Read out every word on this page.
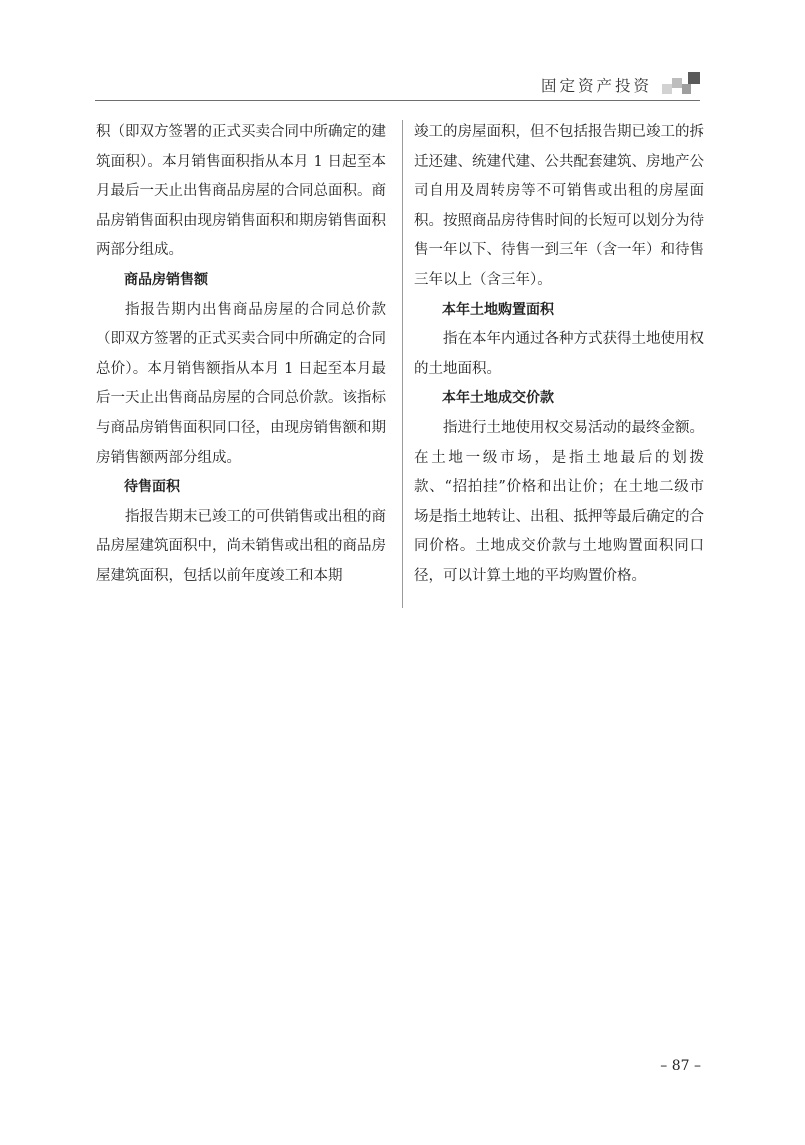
固定资产投资

积（即双方签署的正式买卖合同中所确定的建筑面积）。本月销售面积指从本月 1 日起至本月最后一天止出售商品房屋的合同总面积。商品房销售面积由现房销售面积和期房销售面积两部分组成。

商品房销售额

指报告期内出售商品房屋的合同总价款（即双方签署的正式买卖合同中所确定的合同总价）。本月销售额指从本月 1 日起至本月最后一天止出售商品房屋的合同总价款。该指标与商品房销售面积同口径，由现房销售额和期房销售额两部分组成。

待售面积

指报告期末已竣工的可供销售或出租的商品房屋建筑面积中，尚未销售或出租的商品房屋建筑面积，包括以前年度竣工和本期

竣工的房屋面积，但不包括报告期已竣工的拆迁还建、统建代建、公共配套建筑、房地产公司自用及周转房等不可销售或出租的房屋面积。按照商品房待售时间的长短可以划分为待售一年以下、待售一到三年（含一年）和待售三年以上（含三年）。

本年土地购置面积

指在本年内通过各种方式获得土地使用权的土地面积。

本年土地成交价款

指进行土地使用权交易活动的最终金额。在土地一级市场，是指土地最后的划拨款、“招拍挂”价格和出让价；在土地二级市场是指土地转让、出租、抵押等最后确定的合同价格。土地成交价款与土地购置面积同口径，可以计算土地的平均购置价格。

– 87 –
